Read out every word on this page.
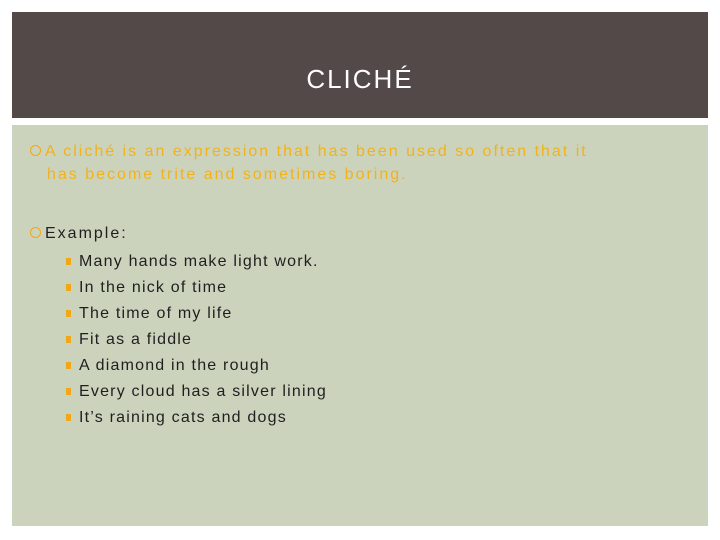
CLICHÉ
A cliché is an expression that has been used so often that it
has become trite and sometimes boring.
Example:
Many hands make light work.
In the nick of time
The time of my life
Fit as a fiddle
A diamond in the rough
Every cloud has a silver lining
It’s raining cats and dogs
